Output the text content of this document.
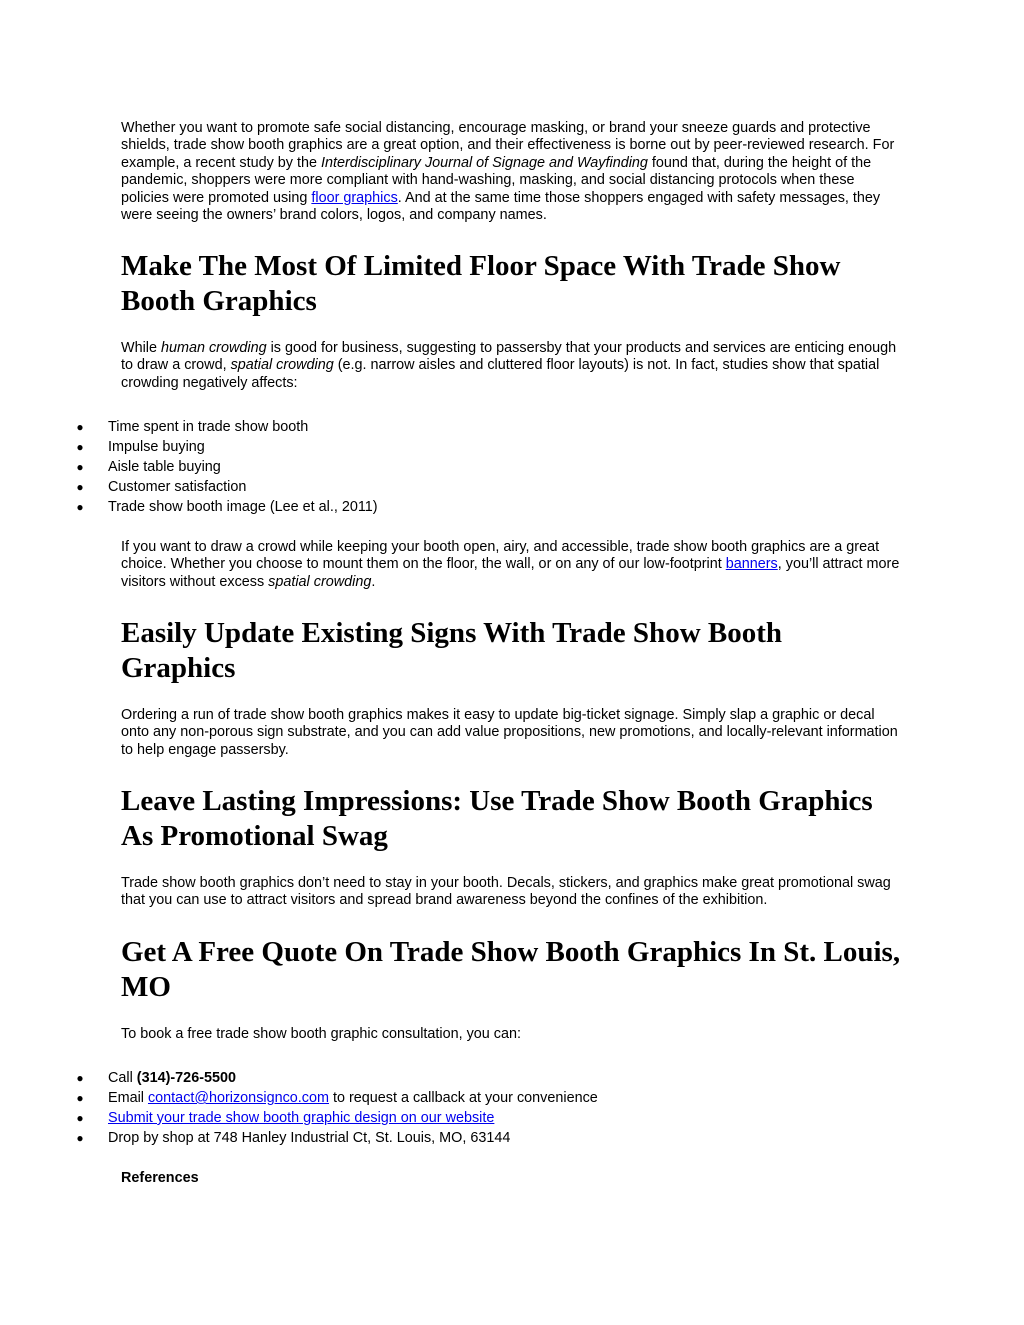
Whether you want to promote safe social distancing, encourage masking, or brand your sneeze guards and protective shields, trade show booth graphics are a great option, and their effectiveness is borne out by peer-reviewed research. For example, a recent study by the Interdisciplinary Journal of Signage and Wayfinding found that, during the height of the pandemic, shoppers were more compliant with hand-washing, masking, and social distancing protocols when these policies were promoted using floor graphics. And at the same time those shoppers engaged with safety messages, they were seeing the owners’ brand colors, logos, and company names.

Make The Most Of Limited Floor Space With Trade Show Booth Graphics

While human crowding is good for business, suggesting to passersby that your products and services are enticing enough to draw a crowd, spatial crowding (e.g. narrow aisles and cluttered floor layouts) is not. In fact, studies show that spatial crowding negatively affects:

● Time spent in trade show booth
● Impulse buying
● Aisle table buying
● Customer satisfaction
● Trade show booth image (Lee et al., 2011)

If you want to draw a crowd while keeping your booth open, airy, and accessible, trade show booth graphics are a great choice. Whether you choose to mount them on the floor, the wall, or on any of our low-footprint banners, you’ll attract more visitors without excess spatial crowding.

Easily Update Existing Signs With Trade Show Booth Graphics

Ordering a run of trade show booth graphics makes it easy to update big-ticket signage. Simply slap a graphic or decal onto any non-porous sign substrate, and you can add value propositions, new promotions, and locally-relevant information to help engage passersby.

Leave Lasting Impressions: Use Trade Show Booth Graphics As Promotional Swag

Trade show booth graphics don’t need to stay in your booth. Decals, stickers, and graphics make great promotional swag that you can use to attract visitors and spread brand awareness beyond the confines of the exhibition.

Get A Free Quote On Trade Show Booth Graphics In St. Louis, MO

To book a free trade show booth graphic consultation, you can:

● Call (314)-726-5500
● Email contact@horizonsignco.com to request a callback at your convenience
● Submit your trade show booth graphic design on our website
● Drop by shop at 748 Hanley Industrial Ct, St. Louis, MO, 63144

References
